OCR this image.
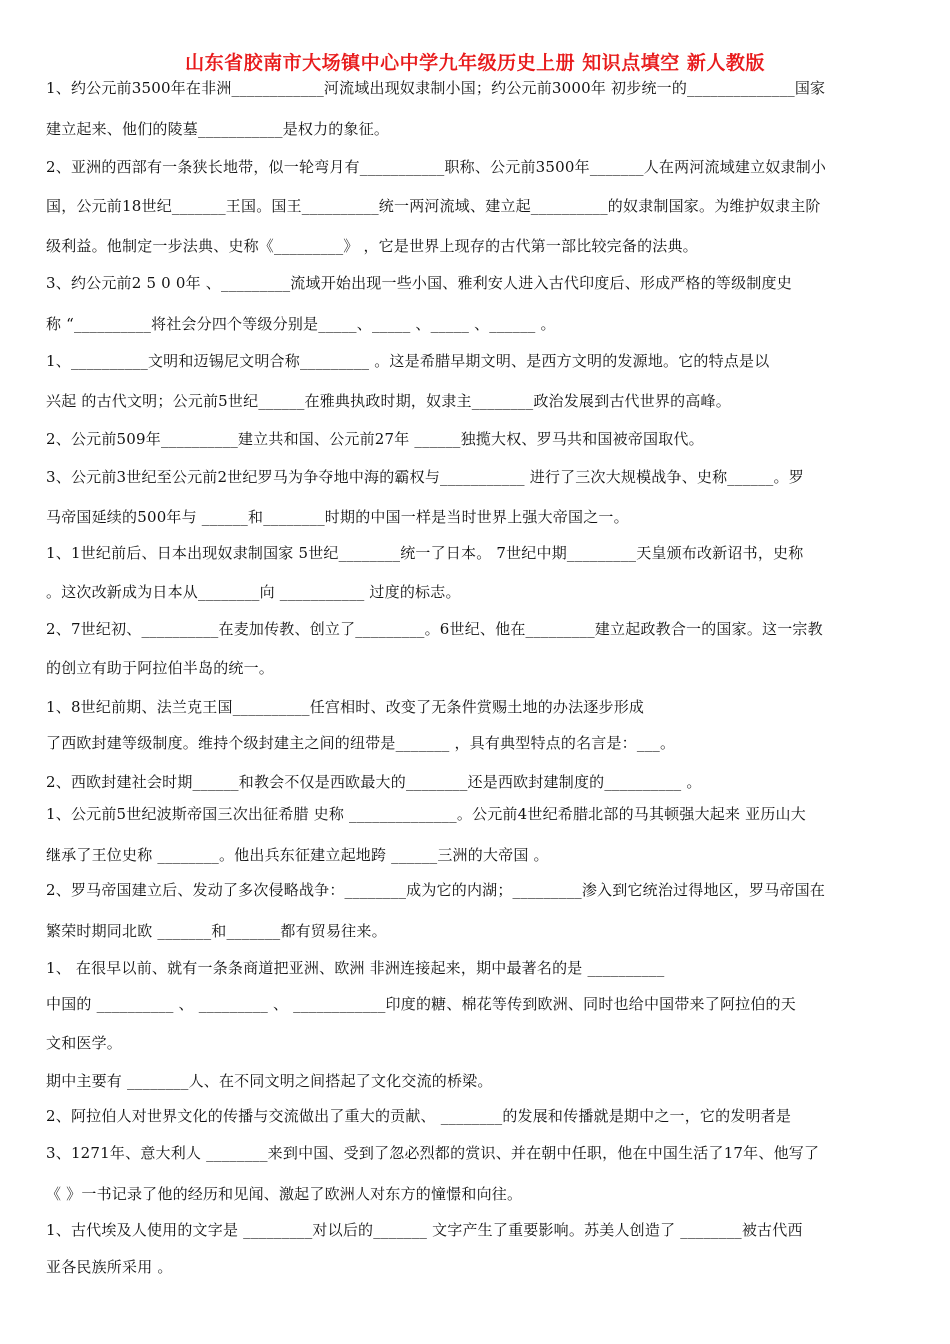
山东省胶南市大场镇中心中学九年级历史上册 知识点填空 新人教版
1、约公元前3500年在非洲____________河流域出现奴隶制小国；约公元前3000年 初步统一的______________国家
建立起来、他们的陵墓___________是权力的象征。
2、亚洲的西部有一条狭长地带，似一轮弯月有___________职称、公元前3500年_______人在两河流域建立奴隶制小
国，公元前18世纪_______王国。国王__________统一两河流域、建立起__________的奴隶制国家。为维护奴隶主阶
级利益。他制定一步法典、史称《_________》 ，它是世界上现存的古代第一部比较完备的法典。
3、约公元前2 5 0 0年 、_________流域开始出现一些小国、雅利安人进入古代印度后、形成严格的等级制度史
称 “__________将社会分四个等级分别是_____、_____ 、_____ 、______ 。
1、__________文明和迈锡尼文明合称_________ 。这是希腊早期文明、是西方文明的发源地。它的特点是以
兴起 的古代文明；公元前5世纪______在雅典执政时期，奴隶主________政治发展到古代世界的高峰。
2、公元前509年__________建立共和国、公元前27年 ______独揽大权、罗马共和国被帝国取代。
3、公元前3世纪至公元前2世纪罗马为争夺地中海的霸权与___________ 进行了三次大规模战争、史称______。罗
马帝国延续的500年与 ______和________时期的中国一样是当时世界上强大帝国之一。
1、1世纪前后、日本出现奴隶制国家 5世纪________统一了日本。 7世纪中期_________天皇颁布改新诏书，史称
。这次改新成为日本从________向 ___________ 过度的标志。
2、7世纪初、__________在麦加传教、创立了_________。6世纪、他在_________建立起政教合一的国家。这一宗教
的创立有助于阿拉伯半岛的统一。
1、8世纪前期、法兰克王国__________任宫相时、改变了无条件赏赐土地的办法逐步形成
了西欧封建等级制度。维持个级封建主之间的纽带是_______ ，具有典型特点的名言是：___。
2、西欧封建社会时期______和教会不仅是西欧最大的________还是西欧封建制度的__________ 。
1、公元前5世纪波斯帝国三次出征希腊 史称 ______________。公元前4世纪希腊北部的马其顿强大起来 亚历山大
继承了王位史称 ________。他出兵东征建立起地跨 ______三洲的大帝国 。
2、罗马帝国建立后、发动了多次侵略战争：________成为它的内湖；_________渗入到它统治过得地区，罗马帝国在
繁荣时期同北欧 _______和_______都有贸易往来。
1、 在很早以前、就有一条条商道把亚洲、欧洲 非洲连接起来，期中最著名的是 __________
中国的 __________ 、 _________ 、 ____________印度的糖、棉花等传到欧洲、同时也给中国带来了阿拉伯的天
文和医学。
期中主要有 ________人、在不同文明之间搭起了文化交流的桥梁。
2、阿拉伯人对世界文化的传播与交流做出了重大的贡献、 ________的发展和传播就是期中之一，它的发明者是
3、1271年、意大利人 ________来到中国、受到了忽必烈都的赏识、并在朝中任职，他在中国生活了17年、他写了
《 》一书记录了他的经历和见闻、激起了欧洲人对东方的憧憬和向往。
1、古代埃及人使用的文字是 _________对以后的_______ 文字产生了重要影响。苏美人创造了 ________被古代西
亚各民族所采用 。
